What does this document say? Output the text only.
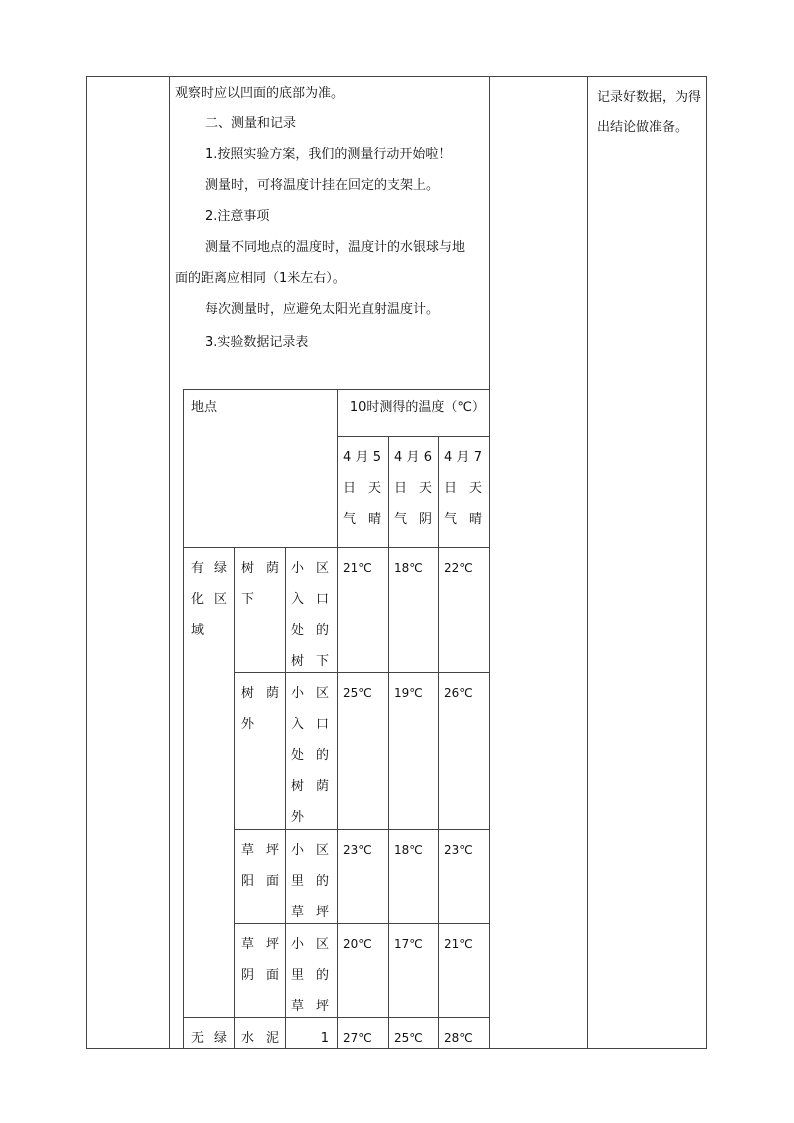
观察时应以凹面的底部为准。
二、测量和记录
1.按照实验方案，我们的测量行动开始啦！
测量时，可将温度计挂在回定的支架上。
2.注意事项
测量不同地点的温度时，温度计的水银球与地
面的距离应相同（1米左右）。
每次测量时，应避免太阳光直射温度计。
3.实验数据记录表
记录好数据，为得出结论做准备。
地点	10时测得的温度（℃）
4月5日天气晴
4月6日天气阴
4月7日天气晴
有绿化区域
无绿
树荫下
小区入口处的树下
21℃ 18℃ 22℃
树荫外
小区入口处的树荫外
25℃ 19℃ 26℃
草坪阳面
小区里的草坪
23℃ 18℃ 23℃
草坪阴面
小区里的草坪
20℃ 17℃ 21℃
水泥	1 27℃ 25℃ 28℃
